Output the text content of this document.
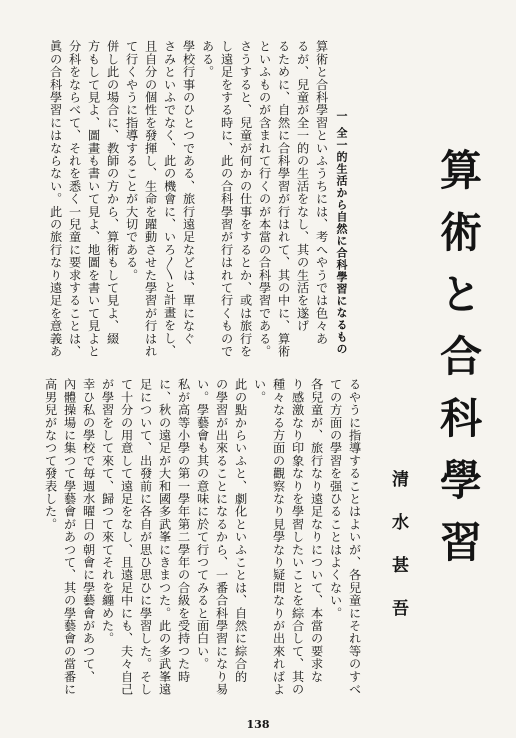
算術と合科學習
清水甚吾
一 全一的生活から自然に合科學習になるもの
算術と合科學習といふうちには、考へやうでは色々あ
るが、兒童が全一的の生活をなし、其の生活を遂げ
るために、自然に合科學習が行はれて、其の中に、算術
といふものが含まれて行くのが本當の合科學習である。
さうすると、兒童が何かの仕事をするとか、或は旅行を
し遠足をする時に、此の合科學習が行はれて行くもので
ある。
學校行事のひとつである、旅行遠足などは、單になぐ
さみといふでなく、此の機會に、いろ〳〵と計畫をし、
且自分の個性を發揮し、生命を躍動させた學習が行はれ
て行くやうに指導することが大切である。
併し此の場合に、教師の方から、算術もして見よ、綴
方もして見よ、圖畫も書いて見よ、地圖を書いて見よと
分科をならべて、それを悉く一兒童に要求することは、
眞の合科學習にはならない。此の旅行なり遠足を意義あ
るやうに指導することはよいが、各兒童にそれ等のすべ
ての方面の學習を强ひることはよくない。
各兒童が、旅行なり遠足なりについて、本當の要求な
り感激なり印象なりを學習したいことを綜合して、其の
種々なる方面の觀察なり見學なり疑問なりが出來ればよ
い。
此の點からいふと、劇化といふことは、自然に綜合的
の學習が出來ることになるから、一番合科學習になり易
い。學藝會も其の意味に於て行つてみると面白い。
私が高等小學の第一學年第二學年の合級を受持つた時
に、秋の遠足が大和國多武峯にきまつた。此の多武峯遠
足について、出發前に各自が思ひ思ひに學習した。そし
て十分の用意して遠足をなし、且遠足中にも、夫々自己
が學習をして來て、歸つて來てそれを纏めた。
幸ひ私の學校で毎週水曜日の朝會に學藝會があつて、
內體操場に集つて學藝會があつて、其の學藝會の當番に
高男兒がなつて發表した。
138
